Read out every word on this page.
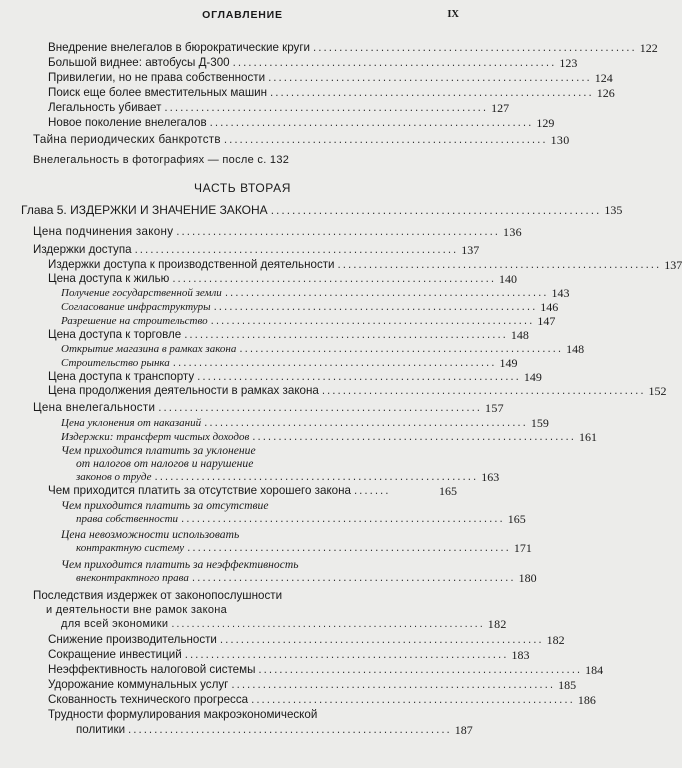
ОГЛАВЛЕНИЕ	IX
Внедрение внелегалов в бюрократические круги .............................................................. 122
Большой виднее: автобусы Д-300 .............................................................. 123
Привилегии, но не права собственности .............................................................. 124
Поиск еще более вместительных машин .............................................................. 126
Легальность убивает .............................................................. 127
Новое поколение внелегалов .............................................................. 129
Тайна периодических банкротств .............................................................. 130
Внелегальность в фотографиях — после с. 132
ЧАСТЬ ВТОРАЯ
Глава 5. ИЗДЕРЖКИ И ЗНАЧЕНИЕ ЗАКОНА .............................................................. 135
Цена подчинения закону .............................................................. 136
Издержки доступа .............................................................. 137
Издержки доступа к производственной деятельности .............................................................. 137
Цена доступа к жилью .............................................................. 140
Получение государственной земли .............................................................. 143
Согласование инфраструктуры .............................................................. 146
Разрешение на строительство .............................................................. 147
Цена доступа к торговле .............................................................. 148
Открытие магазина в рамках закона .............................................................. 148
Строительство рынка .............................................................. 149
Цена доступа к транспорту .............................................................. 149
Цена продолжения деятельности в рамках закона .............................................................. 152
Цена внелегальности .............................................................. 157
Цена уклонения от наказаний .............................................................. 159
Издержки: трансферт чистых доходов .............................................................. 161
Чем приходится платить за уклонение
от налогов от налогов и нарушение
законов о труде .............................................................. 163
Чем приходится платить за отсутствие хорошего закона .......	165
Чем приходится платить за отсутствие
права собственности .............................................................. 165
Цена невозможности использовать
контрактную систему .............................................................. 171
Чем приходится платить за неэффективность
внеконтрактного права .............................................................. 180
Последствия издержек от законопослушности
и деятельности вне рамок закона
для всей экономики .............................................................. 182
Снижение производительности .............................................................. 182
Сокращение инвестиций .............................................................. 183
Неэффективность налоговой системы .............................................................. 184
Удорожание коммунальных услуг .............................................................. 185
Скованность технического прогресса .............................................................. 186
Трудности формулирования макроэкономической
политики .............................................................. 187
